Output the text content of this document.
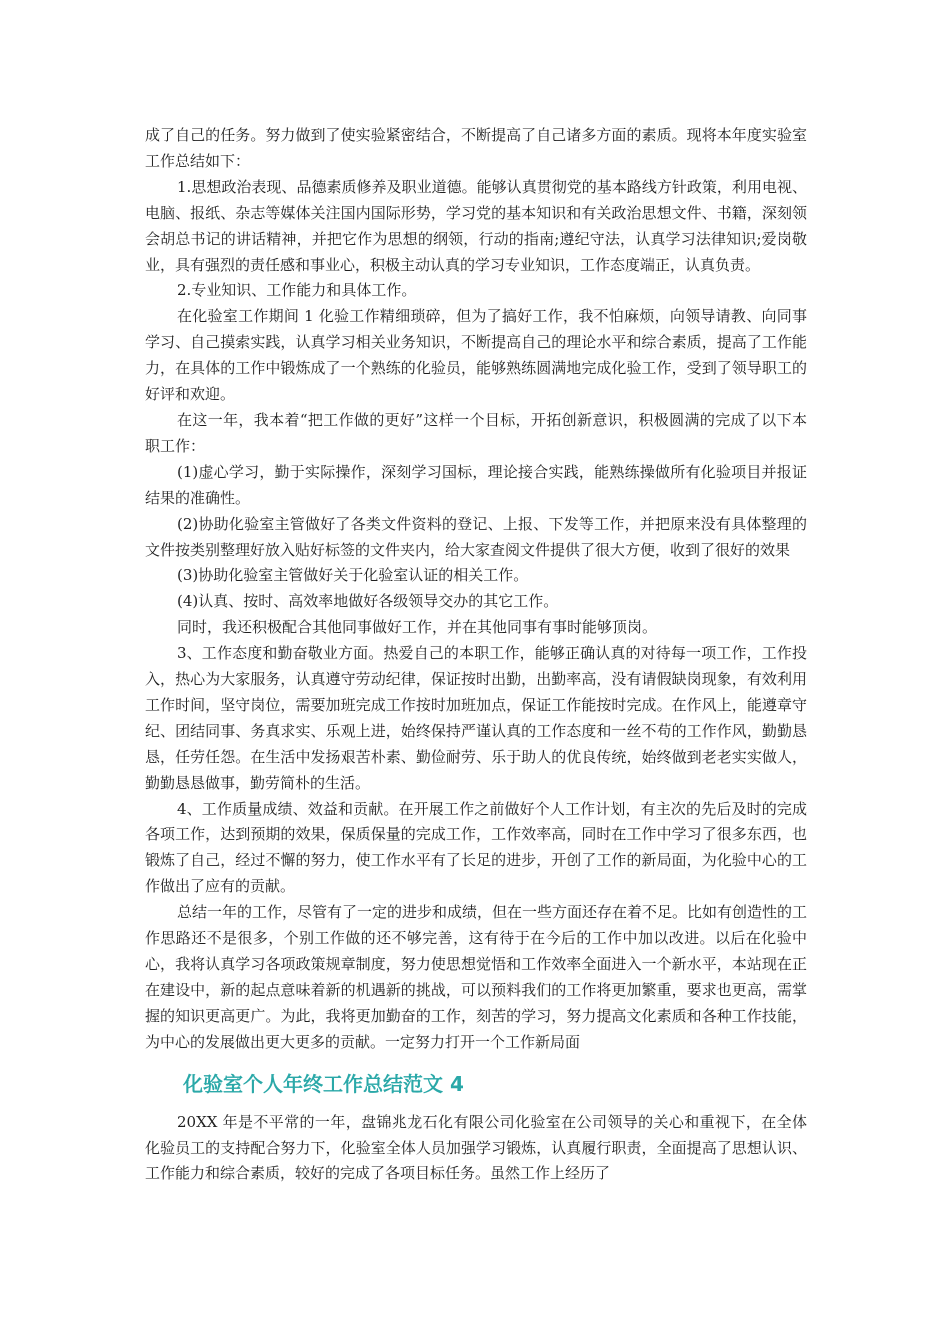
成了自己的任务。努力做到了使实验紧密结合，不断提高了自己诸多方面的素质。现将本年度实验室工作总结如下：

1.思想政治表现、品德素质修养及职业道德。能够认真贯彻党的基本路线方针政策，利用电视、电脑、报纸、杂志等媒体关注国内国际形势，学习党的基本知识和有关政治思想文件、书籍，深刻领会胡总书记的讲话精神，并把它作为思想的纲领，行动的指南;遵纪守法，认真学习法律知识;爱岗敬业，具有强烈的责任感和事业心，积极主动认真的学习专业知识，工作态度端正，认真负责。

2.专业知识、工作能力和具体工作。

在化验室工作期间 1 化验工作精细琐碎，但为了搞好工作，我不怕麻烦，向领导请教、向同事学习、自己摸索实践，认真学习相关业务知识，不断提高自己的理论水平和综合素质，提高了工作能力，在具体的工作中锻炼成了一个熟练的化验员，能够熟练圆满地完成化验工作，受到了领导职工的好评和欢迎。

在这一年，我本着“把工作做的更好”这样一个目标，开拓创新意识，积极圆满的完成了以下本职工作：

(1)虚心学习，勤于实际操作，深刻学习国标，理论接合实践，能熟练操做所有化验项目并报证结果的准确性。

(2)协助化验室主管做好了各类文件资料的登记、上报、下发等工作，并把原来没有具体整理的文件按类别整理好放入贴好标签的文件夹内，给大家查阅文件提供了很大方便，收到了很好的效果

(3)协助化验室主管做好关于化验室认证的相关工作。

(4)认真、按时、高效率地做好各级领导交办的其它工作。

同时，我还积极配合其他同事做好工作，并在其他同事有事时能够顶岗。

3、工作态度和勤奋敬业方面。热爱自己的本职工作，能够正确认真的对待每一项工作，工作投入，热心为大家服务，认真遵守劳动纪律，保证按时出勤，出勤率高，没有请假缺岗现象，有效利用工作时间，坚守岗位，需要加班完成工作按时加班加点，保证工作能按时完成。在作风上，能遵章守纪、团结同事、务真求实、乐观上进，始终保持严谨认真的工作态度和一丝不苟的工作作风，勤勤恳恳，任劳任怨。在生活中发扬艰苦朴素、勤俭耐劳、乐于助人的优良传统，始终做到老老实实做人，勤勤恳恳做事，勤劳简朴的生活。

4、工作质量成绩、效益和贡献。在开展工作之前做好个人工作计划，有主次的先后及时的完成各项工作，达到预期的效果，保质保量的完成工作，工作效率高，同时在工作中学习了很多东西，也锻炼了自己，经过不懈的努力，使工作水平有了长足的进步，开创了工作的新局面，为化验中心的工作做出了应有的贡献。

总结一年的工作，尽管有了一定的进步和成绩，但在一些方面还存在着不足。比如有创造性的工作思路还不是很多，个别工作做的还不够完善，这有待于在今后的工作中加以改进。以后在化验中心，我将认真学习各项政策规章制度，努力使思想觉悟和工作效率全面进入一个新水平，本站现在正在建设中，新的起点意味着新的机遇新的挑战，可以预料我们的工作将更加繁重，要求也更高，需掌握的知识更高更广。为此，我将更加勤奋的工作，刻苦的学习，努力提高文化素质和各种工作技能，为中心的发展做出更大更多的贡献。一定努力打开一个工作新局面

化验室个人年终工作总结范文 4

20XX 年是不平常的一年，盘锦兆龙石化有限公司化验室在公司领导的关心和重视下，在全体化验员工的支持配合努力下，化验室全体人员加强学习锻炼，认真履行职责，全面提高了思想认识、工作能力和综合素质，较好的完成了各项目标任务。虽然工作上经历了
